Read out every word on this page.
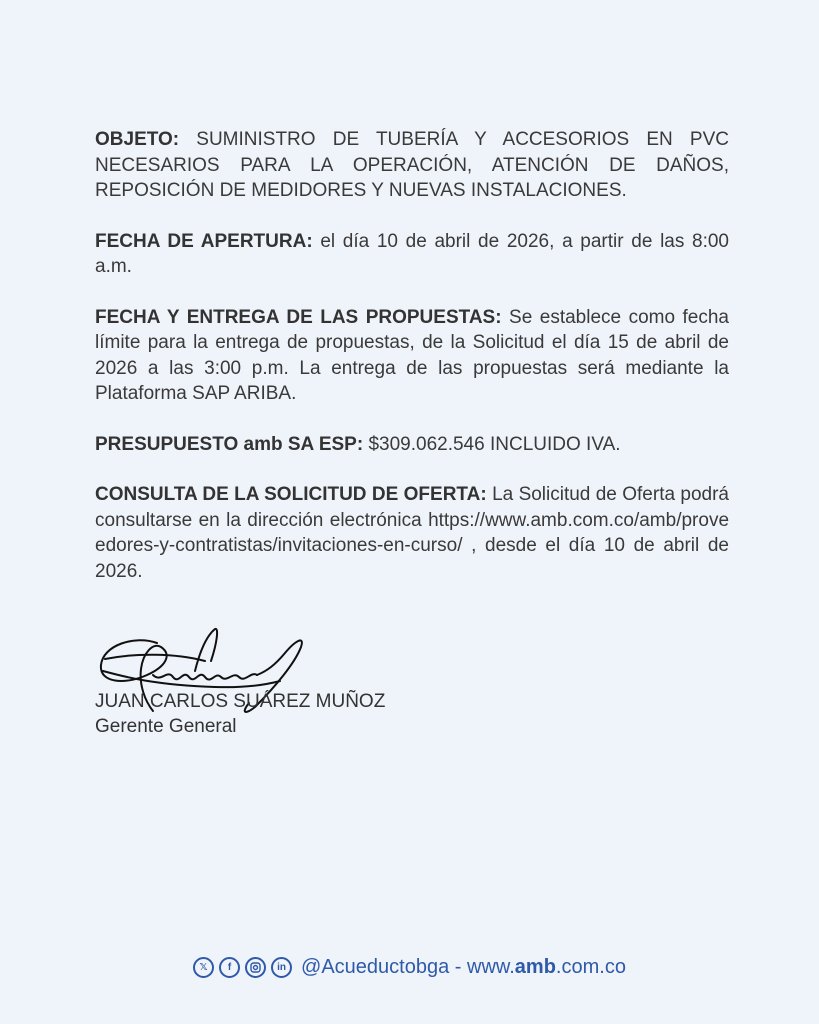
OBJETO: SUMINISTRO DE TUBERÍA Y ACCESORIOS EN PVC NECESARIOS PARA LA OPERACIÓN, ATENCIÓN DE DAÑOS, REPOSICIÓN DE MEDIDORES Y NUEVAS INSTALACIONES.

FECHA DE APERTURA: el día 10 de abril de 2026, a partir de las 8:00 a.m.

FECHA Y ENTREGA DE LAS PROPUESTAS: Se establece como fecha límite para la entrega de propuestas, de la Solicitud el día 15 de abril de 2026 a las 3:00 p.m. La entrega de las propuestas será mediante la Plataforma SAP ARIBA.

PRESUPUESTO amb SA ESP: $309.062.546 INCLUIDO IVA.

CONSULTA DE LA SOLICITUD DE OFERTA: La Solicitud de Oferta podrá consultarse en la dirección electrónica https://www.amb.com.co/amb/proveedores-y-contratistas/invitaciones-en-curso/ , desde el día 10 de abril de 2026.

JUAN CARLOS SUÁREZ MUÑOZ
Gerente General
𝕏	f	in @Acueductobga - www.amb.com.co
